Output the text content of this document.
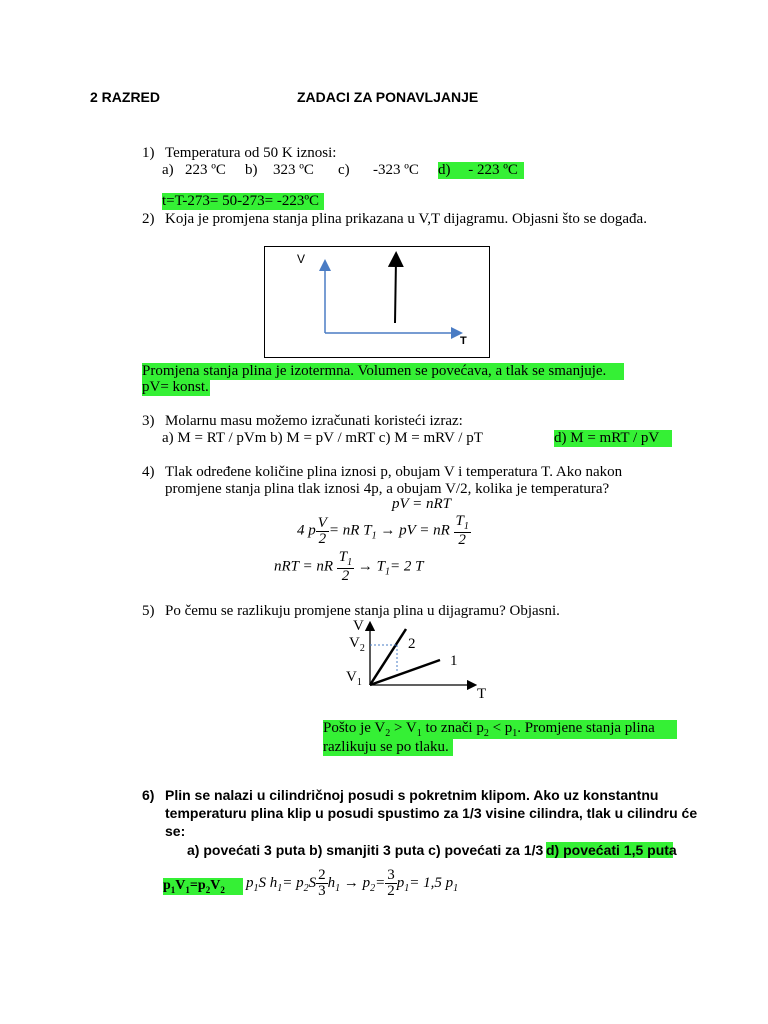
2 RAZRED	ZADACI ZA PONAVLJANJE
1) Temperatura od 50 K iznosi:
a) 223 ºC b) 323 ºC c) -323 ºC d) - 223 ºC
t=T-273= 50-273= -223ºC
2) Koja je promjena stanja plina prikazana u V,T dijagramu. Objasni što se događa.
V
T
Promjena stanja plina je izotermna. Volumen se povećava, a tlak se smanjuje.
pV= konst.
3) Molarnu masu možemo izračunati koristeći izraz:
a) M = RT / pVm b) M = pV / mRT c) M = mRV / pT	d) M = mRT / pV
4) Tlak određene količine plina iznosi p, obujam V i temperatura T. Ako nakon
promjene stanja plina tlak iznosi 4p, a obujam V/2, kolika je temperatura?
pV = nRT
4 p $\frac{V}{2}$ = nR $T_1$ → pV = nR $\frac{T_1}{2}$
nRT = nR $\frac{T_1}{2} \to T_1= 2$ T
5) Po čemu se razlikuju promjene stanja plina u dijagramu? Objasni.
V
$V_2$
$V_1$
2
1
T
Pošto je $V_2 > V_1$ to znači $p_2 < p_1$. Promjene stanja plina
razlikuju se po tlaku.
6) Plin se nalazi u cilindričnoj posudi s pokretnim klipom. Ako uz konstantnu
temperaturu plina klip u posudi spustimo za 1/3 visine cilindra, tlak u cilindru će
se:
a) povećati 3 puta b) smanjiti 3 puta c) povećati za 1/3 d) povećati 1,5 puta
$p_1V_1=p_2V_2$	$p_1S$ $h_1= p_2S \frac{2}{3} h_1 \to p_2= \frac{3}{2} p_1= 1,5$ $p_1$
